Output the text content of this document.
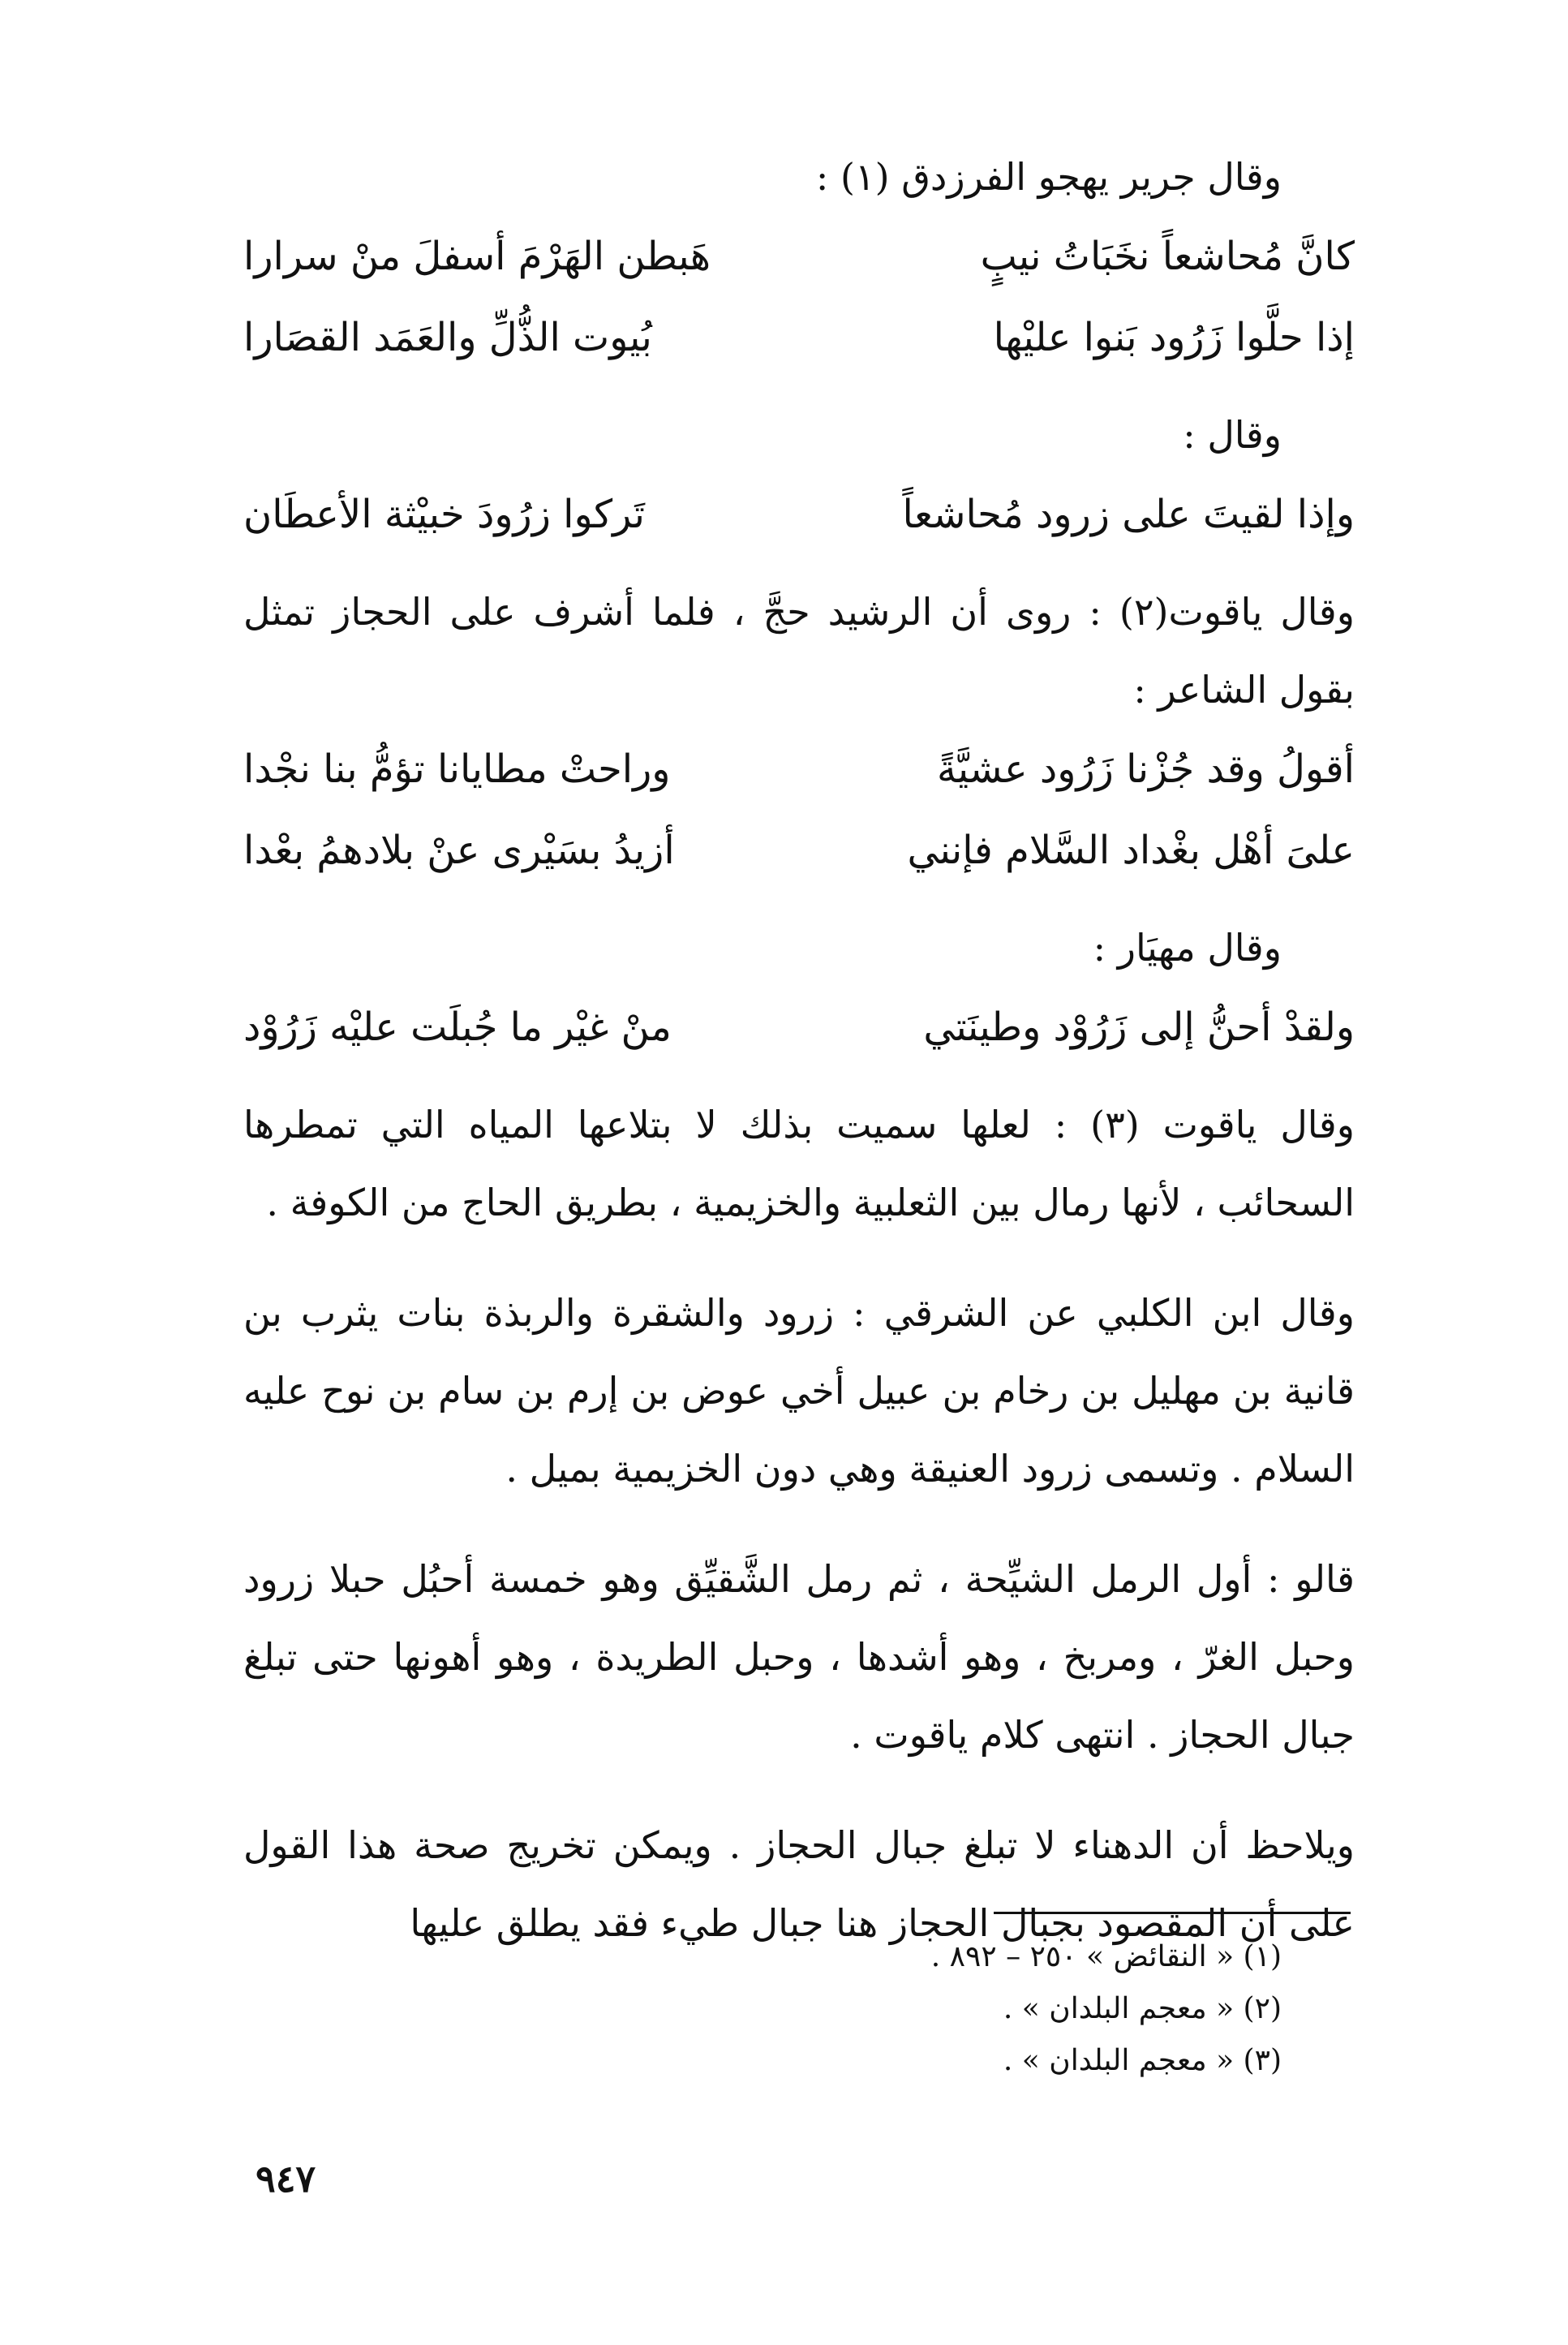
وقال جرير يهجو الفرزدق (١) :

كانَّ مُحاشعاً نخَبَاتُ نيبٍ
هَبطن الهَرْمَ أسفلَ منْ سرارا
إذا حلَّوا زَرُود بَنوا عليْها
بُيوت الذُّلِّ والعَمَد القصَارا

وقال :

وإذا لقيتَ على زرود مُحاشعاً
تَركوا زرُودَ خبيْثة الأعطَان

وقال ياقوت(٢) : روى أن الرشيد حجَّ ، فلما أشرف على الحجاز تمثل بقول الشاعر :

أقولُ وقد جُزْنا زَرُود عشيَّةً
وراحتْ مطايانا تؤمُّ بنا نجْدا
علىَ أهْل بغْداد السَّلام فإنني
أزيدُ بسَيْرى عنْ بلادهمُ بعْدا

وقال مهيَار :

ولقدْ أحنُّ إلى زَرُوْد وطينَتي
منْ غيْر ما جُبلَت عليْه زَرُوْد

وقال ياقوت (٣) : لعلها سميت بذلك لا بتلاعها المياه التي تمطرها السحائب ، لأنها رمال بين الثعلبية والخزيمية ، بطريق الحاج من الكوفة .

وقال ابن الكلبي عن الشرقي : زرود والشقرة والربذة بنات يثرب بن قانية بن مهليل بن رخام بن عبيل أخي عوض بن إرم بن سام بن نوح عليه السلام . وتسمى زرود العنيقة وهي دون الخزيمية بميل .

قالو : أول الرمل الشيِّحة ، ثم رمل الشَّقيِّق وهو خمسة أحبُل حبلا زرود وحبل الغرّ ، ومربخ ، وهو أشدها ، وحبل الطريدة ، وهو أهونها حتى تبلغ جبال الحجاز . انتهى كلام ياقوت .

ويلاحظ أن الدهناء لا تبلغ جبال الحجاز . ويمكن تخريج صحة هذا القول على أن المقصود بجبال الحجاز هنا جبال طيء فقد يطلق عليها

(١) « النقائض » ٢٥٠ – ٨٩٢ .
(٢) « معجم البلدان » .
(٣) « معجم البلدان » .
٩٤٧
